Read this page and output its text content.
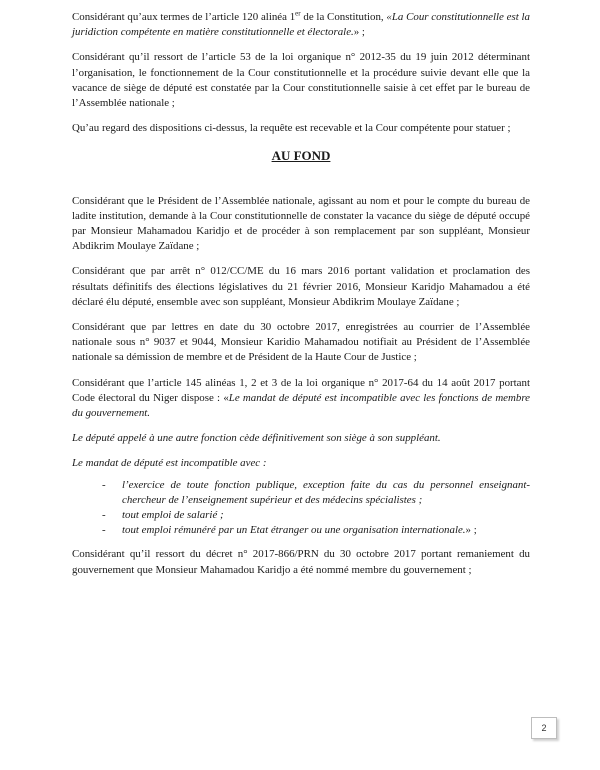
Considérant qu’aux termes de l’article 120 alinéa 1er de la Constitution, «La Cour constitutionnelle est la juridiction compétente en matière constitutionnelle et électorale.» ;

Considérant qu’il ressort de l’article 53 de la loi organique n° 2012-35 du 19 juin 2012 déterminant l’organisation, le fonctionnement de la Cour constitutionnelle et la procédure suivie devant elle que la vacance de siège de député est constatée par la Cour constitutionnelle saisie à cet effet par le bureau de l’Assemblée nationale ;

Qu’au regard des dispositions ci-dessus, la requête est recevable et la Cour compétente pour statuer ;

AU FOND

Considérant que le Président de l’Assemblée nationale, agissant au nom et pour le compte du bureau de ladite institution, demande à la Cour constitutionnelle de constater la vacance du siège de député occupé par Monsieur Mahamadou Karidjo et de procéder à son remplacement par son suppléant, Monsieur Abdikrim Moulaye Zaïdane ;

Considérant que par arrêt n° 012/CC/ME du 16 mars 2016 portant validation et proclamation des résultats définitifs des élections législatives du 21 février 2016, Monsieur Karidjo Mahamadou a été déclaré élu député, ensemble avec son suppléant, Monsieur Abdikrim Moulaye Zaïdane ;

Considérant que par lettres en date du 30 octobre 2017, enregistrées au courrier de l’Assemblée nationale sous n° 9037 et 9044, Monsieur Karidio Mahamadou notifiait au Président de l’Assemblée nationale sa démission de membre et de Président de la Haute Cour de Justice ;

Considérant que l’article 145 alinéas 1, 2 et 3 de la loi organique n° 2017-64 du 14 août 2017 portant Code électoral du Niger dispose : «Le mandat de député est incompatible avec les fonctions de membre du gouvernement.

Le député appelé à une autre fonction cède définitivement son siège à son suppléant.

Le mandat de député est incompatible avec :

- l’exercice de toute fonction publique, exception faite du cas du personnel enseignant-chercheur de l’enseignement supérieur et des médecins spécialistes ;
- tout emploi de salarié ;
- tout emploi rémunéré par un Etat étranger ou une organisation internationale.» ;

Considérant qu’il ressort du décret n° 2017-866/PRN du 30 octobre 2017 portant remaniement du gouvernement que Monsieur Mahamadou Karidjo a été nommé membre du gouvernement ;

2
